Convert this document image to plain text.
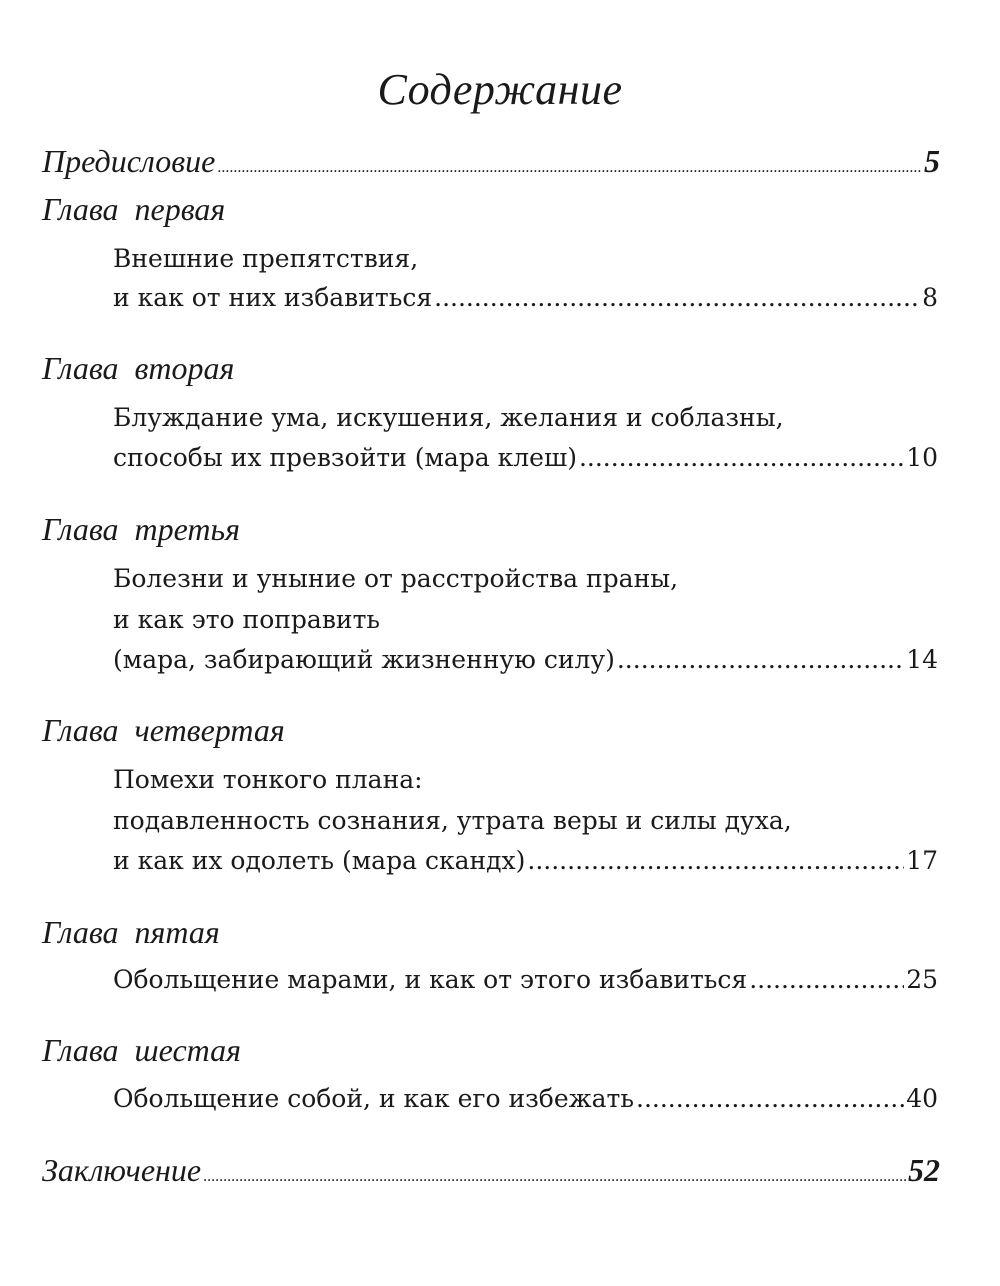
Содержание
Предисловие .....	5
Глава первая
Внешние препятствия,
и как от них избавиться .....	8
Глава вторая
Блуждание ума, искушения, желания и соблазны,
способы их превзойти (мара клеш) .....	10
Глава третья
Болезни и уныние от расстройства праны,
и как это поправить
(мара, забирающий жизненную силу) .....	14
Глава четвертая
Помехи тонкого плана:
подавленность сознания, утрата веры и силы духа,
и как их одолеть (мара скандх) .....	17
Глава пятая
Обольщение марами, и как от этого избавиться .....	25
Глава шестая
Обольщение собой, и как его избежать .....	40
Заключение .....	52
